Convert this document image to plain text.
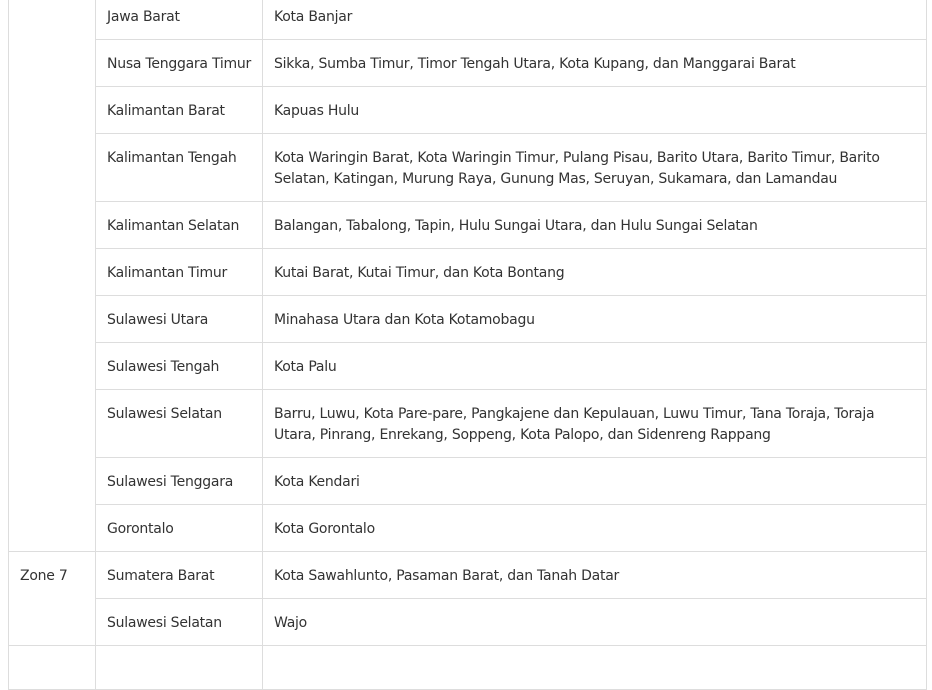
	Jawa Barat	Kota Banjar
	Nusa Tenggara Timur	Sikka, Sumba Timur, Timor Tengah Utara, Kota Kupang, dan Manggarai Barat
	Kalimantan Barat	Kapuas Hulu
	Kalimantan Tengah	Kota Waringin Barat, Kota Waringin Timur, Pulang Pisau, Barito Utara, Barito Timur, Barito Selatan, Katingan, Murung Raya, Gunung Mas, Seruyan, Sukamara, dan Lamandau
	Kalimantan Selatan	Balangan, Tabalong, Tapin, Hulu Sungai Utara, dan Hulu Sungai Selatan
	Kalimantan Timur	Kutai Barat, Kutai Timur, dan Kota Bontang
	Sulawesi Utara	Minahasa Utara dan Kota Kotamobagu
	Sulawesi Tengah	Kota Palu
	Sulawesi Selatan	Barru, Luwu, Kota Pare-pare, Pangkajene dan Kepulauan, Luwu Timur, Tana Toraja, Toraja Utara, Pinrang, Enrekang, Soppeng, Kota Palopo, dan Sidenreng Rappang
	Sulawesi Tenggara	Kota Kendari
	Gorontalo	Kota Gorontalo
Zone 7	Sumatera Barat	Kota Sawahlunto, Pasaman Barat, dan Tanah Datar
	Sulawesi Selatan	Wajo
